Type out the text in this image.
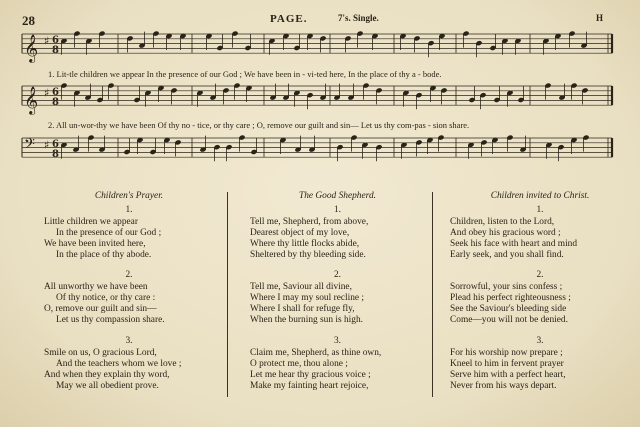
28	PAGE.	7's. Single.	H
𝄞 ♯ 6
8
𝄞 ♯ 6
8
𝄢 ♯ 6
8
1. Lit-tle children we appear In the presence of our God ; We have been in - vi-ted here, In the place of thy a - bode.
2. All un-wor-thy we have been Of thy no - tice, or thy care ; O, remove our guilt and sin— Let us thy com-pas - sion share.
Children's Prayer.
1.
Little children we appear
In the presence of our God ;
We have been invited here,
In the place of thy abode.
2.
All unworthy we have been
Of thy notice, or thy care :
O, remove our guilt and sin—
Let us thy compassion share.
3.
Smile on us, O gracious Lord,
And the teachers whom we love ;
And when they explain thy word,
May we all obedient prove.
The Good Shepherd.
1.
Tell me, Shepherd, from above,
Dearest object of my love,
Where thy little flocks abide,
Sheltered by thy bleeding side.
2.
Tell me, Saviour all divine,
Where I may my soul recline ;
Where I shall for refuge fly,
When the burning sun is high.
3.
Claim me, Shepherd, as thine own,
O protect me, thou alone ;
Let me hear thy gracious voice ;
Make my fainting heart rejoice,
Children invited to Christ.
1.
Children, listen to the Lord,
And obey his gracious word ;
Seek his face with heart and mind
Early seek, and you shall find.
2.
Sorrowful, your sins confess ;
Plead his perfect righteousness ;
See the Saviour's bleeding side
Come—you will not be denied.
3.
For his worship now prepare ;
Kneel to him in fervent prayer
Serve him with a perfect heart,
Never from his ways depart.
